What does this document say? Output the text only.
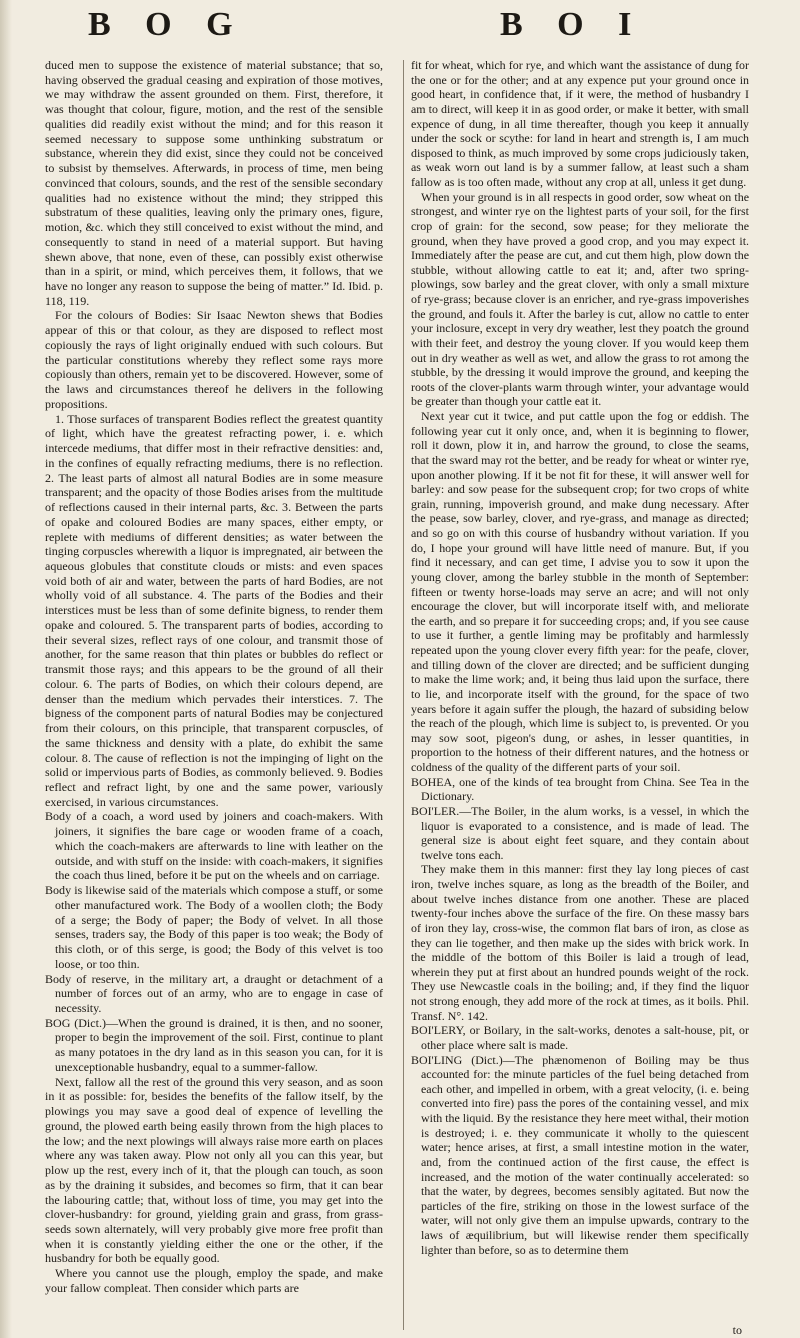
B O G	B O I

duced men to suppose the existence of material substance; that so, having observed the gradual ceasing and expiration of those motives, we may withdraw the assent grounded on them. First, therefore, it was thought that colour, figure, motion, and the rest of the sensible qualities did readily exist without the mind; and for this reason it seemed necessary to suppose some unthinking substratum or substance, wherein they did exist, since they could not be conceived to subsist by themselves. Afterwards, in process of time, men being convinced that colours, sounds, and the rest of the sensible secondary qualities had no existence without the mind; they stripped this substratum of these qualities, leaving only the primary ones, figure, motion, &c. which they still conceived to exist without the mind, and consequently to stand in need of a material support. But having shewn above, that none, even of these, can possibly exist otherwise than in a spirit, or mind, which perceives them, it follows, that we have no longer any reason to suppose the being of matter.” Id. Ibid. p. 118, 119.

For the colours of Bodies: Sir Isaac Newton shews that Bodies appear of this or that colour, as they are disposed to reflect most copiously the rays of light originally endued with such colours. But the particular constitutions whereby they reflect some rays more copiously than others, remain yet to be discovered. However, some of the laws and circumstances thereof he delivers in the following propositions.

1. Those surfaces of transparent Bodies reflect the greatest quantity of light, which have the greatest refracting power, i. e. which intercede mediums, that differ most in their refractive densities: and, in the confines of equally refracting mediums, there is no reflection. 2. The least parts of almost all natural Bodies are in some measure transparent; and the opacity of those Bodies arises from the multitude of reflections caused in their internal parts, &c. 3. Between the parts of opake and coloured Bodies are many spaces, either empty, or replete with mediums of different densities; as water between the tinging corpuscles wherewith a liquor is impregnated, air between the aqueous globules that constitute clouds or mists: and even spaces void both of air and water, between the parts of hard Bodies, are not wholly void of all substance. 4. The parts of the Bodies and their interstices must be less than of some definite bigness, to render them opake and coloured. 5. The transparent parts of bodies, according to their several sizes, reflect rays of one colour, and transmit those of another, for the same reason that thin plates or bubbles do reflect or transmit those rays; and this appears to be the ground of all their colour. 6. The parts of Bodies, on which their colours depend, are denser than the medium which pervades their interstices. 7. The bigness of the component parts of natural Bodies may be conjectured from their colours, on this principle, that transparent corpuscles, of the same thickness and density with a plate, do exhibit the same colour. 8. The cause of reflection is not the impinging of light on the solid or impervious parts of Bodies, as commonly believed. 9. Bodies reflect and refract light, by one and the same power, variously exercised, in various circumstances.

Body of a coach, a word used by joiners and coach-makers. With joiners, it signifies the bare cage or wooden frame of a coach, which the coach-makers are afterwards to line with leather on the outside, and with stuff on the inside: with coach-makers, it signifies the coach thus lined, before it be put on the wheels and on carriage.

Body is likewise said of the materials which compose a stuff, or some other manufactured work. The Body of a woollen cloth; the Body of a serge; the Body of paper; the Body of velvet. In all those senses, traders say, the Body of this paper is too weak; the Body of this cloth, or of this serge, is good; the Body of this velvet is too loose, or too thin.

Body of reserve, in the military art, a draught or detachment of a number of forces out of an army, who are to engage in case of necessity.

BOG (Dict.)—When the ground is drained, it is then, and no sooner, proper to begin the improvement of the soil. First, continue to plant as many potatoes in the dry land as in this season you can, for it is unexceptionable husbandry, equal to a summer-fallow.

Next, fallow all the rest of the ground this very season, and as soon in it as possible: for, besides the benefits of the fallow itself, by the plowings you may save a good deal of expence of levelling the ground, the plowed earth being easily thrown from the high places to the low; and the next plowings will always raise more earth on places where any was taken away. Plow not only all you can this year, but plow up the rest, every inch of it, that the plough can touch, as soon as by the draining it subsides, and becomes so firm, that it can bear the labouring cattle; that, without loss of time, you may get into the clover-husbandry: for ground, yielding grain and grass, from grass-seeds sown alternately, will very probably give more free profit than when it is constantly yielding either the one or the other, if the husbandry for both be equally good.

Where you cannot use the plough, employ the spade, and make your fallow compleat. Then consider which parts are

fit for wheat, which for rye, and which want the assistance of dung for the one or for the other; and at any expence put your ground once in good heart, in confidence that, if it were, the method of husbandry I am to direct, will keep it in as good order, or make it better, with small expence of dung, in all time thereafter, though you keep it annually under the sock or scythe: for land in heart and strength is, I am much disposed to think, as much improved by some crops judiciously taken, as weak worn out land is by a summer fallow, at least such a sham fallow as is too often made, without any crop at all, unless it get dung.

When your ground is in all respects in good order, sow wheat on the strongest, and winter rye on the lightest parts of your soil, for the first crop of grain: for the second, sow pease; for they meliorate the ground, when they have proved a good crop, and you may expect it. Immediately after the pease are cut, and cut them high, plow down the stubble, without allowing cattle to eat it; and, after two spring-plowings, sow barley and the great clover, with only a small mixture of rye-grass; because clover is an enricher, and rye-grass impoverishes the ground, and fouls it. After the barley is cut, allow no cattle to enter your inclosure, except in very dry weather, lest they poatch the ground with their feet, and destroy the young clover. If you would keep them out in dry weather as well as wet, and allow the grass to rot among the stubble, by the dressing it would improve the ground, and keeping the roots of the clover-plants warm through winter, your advantage would be greater than though your cattle eat it.

Next year cut it twice, and put cattle upon the fog or eddish. The following year cut it only once, and, when it is beginning to flower, roll it down, plow it in, and harrow the ground, to close the seams, that the sward may rot the better, and be ready for wheat or winter rye, upon another plowing. If it be not fit for these, it will answer well for barley: and sow pease for the subsequent crop; for two crops of white grain, running, impoverish ground, and make dung necessary. After the pease, sow barley, clover, and rye-grass, and manage as directed; and so go on with this course of husbandry without variation. If you do, I hope your ground will have little need of manure. But, if you find it necessary, and can get time, I advise you to sow it upon the young clover, among the barley stubble in the month of September: fifteen or twenty horse-loads may serve an acre; and will not only encourage the clover, but will incorporate itself with, and meliorate the earth, and so prepare it for succeeding crops; and, if you see cause to use it further, a gentle liming may be profitably and harmlessly repeated upon the young clover every fifth year: for the peafe, clover, and tilling down of the clover are directed; and be sufficient dunging to make the lime work; and, it being thus laid upon the surface, there to lie, and incorporate itself with the ground, for the space of two years before it again suffer the plough, the hazard of subsiding below the reach of the plough, which lime is subject to, is prevented. Or you may sow soot, pigeon's dung, or ashes, in lesser quantities, in proportion to the hotness of their different natures, and the hotness or coldness of the quality of the different parts of your soil.

BOHEA, one of the kinds of tea brought from China. See Tea in the Dictionary.

BOI'LER.—The Boiler, in the alum works, is a vessel, in which the liquor is evaporated to a consistence, and is made of lead. The general size is about eight feet square, and they contain about twelve tons each.

They make them in this manner: first they lay long pieces of cast iron, twelve inches square, as long as the breadth of the Boiler, and about twelve inches distance from one another. These are placed twenty-four inches above the surface of the fire. On these massy bars of iron they lay, cross-wise, the common flat bars of iron, as close as they can lie together, and then make up the sides with brick work. In the middle of the bottom of this Boiler is laid a trough of lead, wherein they put at first about an hundred pounds weight of the rock. They use Newcastle coals in the boiling; and, if they find the liquor not strong enough, they add more of the rock at times, as it boils. Phil. Transf. N°. 142.

BOI'LERY, or Boilary, in the salt-works, denotes a salt-house, pit, or other place where salt is made.

BOI'LING (Dict.)—The phænomenon of Boiling may be thus accounted for: the minute particles of the fuel being detached from each other, and impelled in orbem, with a great velocity, (i. e. being converted into fire) pass the pores of the containing vessel, and mix with the liquid. By the resistance they here meet withal, their motion is destroyed; i. e. they communicate it wholly to the quiescent water; hence arises, at first, a small intestine motion in the water, and, from the continued action of the first cause, the effect is increased, and the motion of the water continually accelerated: so that the water, by degrees, becomes sensibly agitated. But now the particles of the fire, striking on those in the lowest surface of the water, will not only give them an impulse upwards, contrary to the laws of æquilibrium, but will likewise render them specifically lighter than before, so as to determine them

to
